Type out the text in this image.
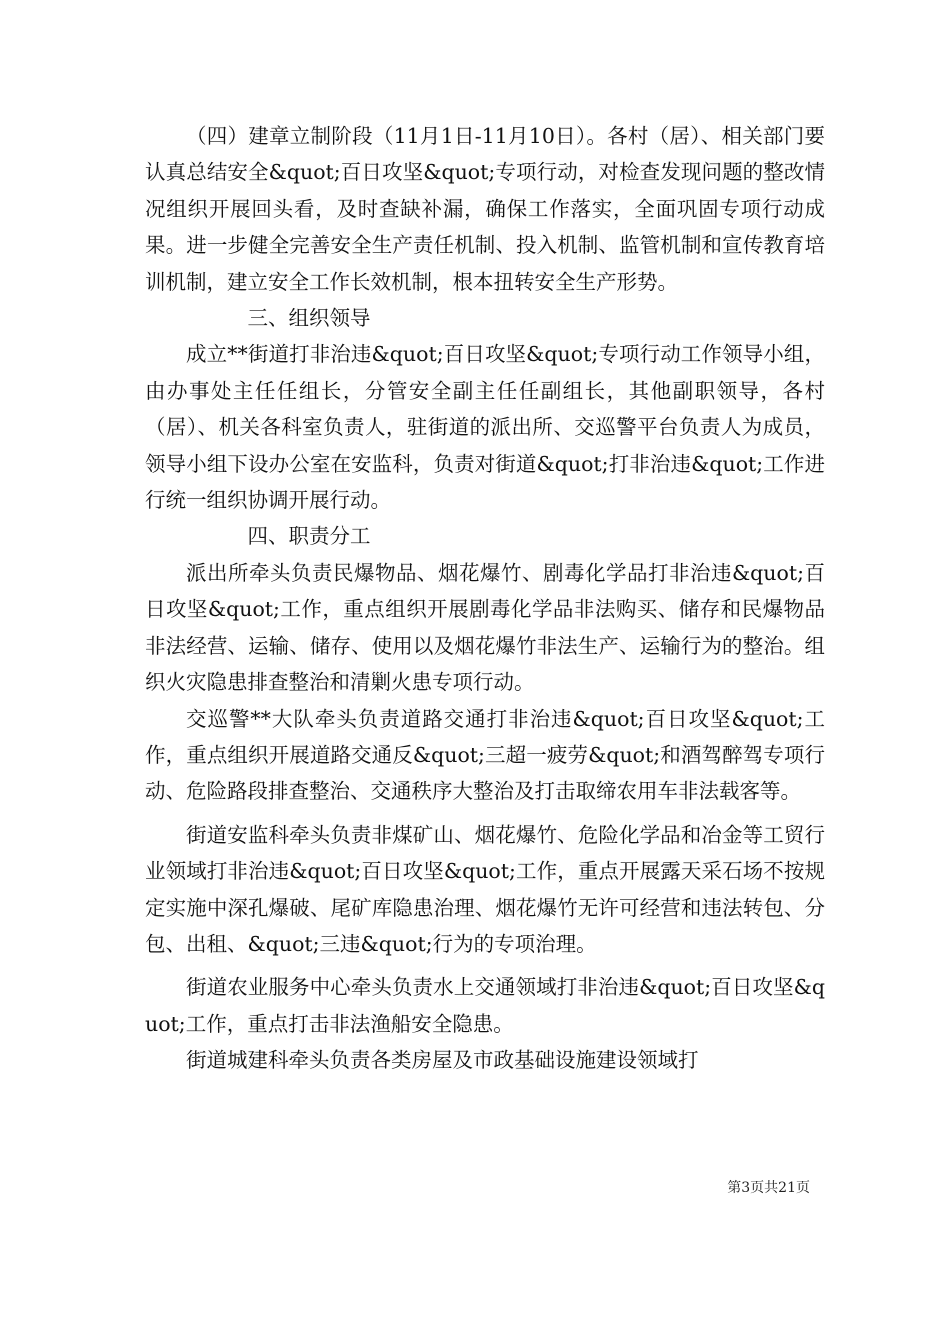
（四）建章立制阶段（11月1日-11月10日）。各村（居）、相关部门要认真总结安全&quot;百日攻坚&quot;专项行动，对检查发现问题的整改情况组织开展回头看，及时查缺补漏，确保工作落实，全面巩固专项行动成果。进一步健全完善安全生产责任机制、投入机制、监管机制和宣传教育培训机制，建立安全工作长效机制，根本扭转安全生产形势。

三、组织领导

成立**街道打非治违&quot;百日攻坚&quot;专项行动工作领导小组，由办事处主任任组长，分管安全副主任任副组长，其他副职领导，各村（居）、机关各科室负责人，驻街道的派出所、交巡警平台负责人为成员，领导小组下设办公室在安监科，负责对街道&quot;打非治违&quot;工作进行统一组织协调开展行动。

四、职责分工

派出所牵头负责民爆物品、烟花爆竹、剧毒化学品打非治违&quot;百日攻坚&quot;工作，重点组织开展剧毒化学品非法购买、储存和民爆物品非法经营、运输、储存、使用以及烟花爆竹非法生产、运输行为的整治。组织火灾隐患排查整治和清剿火患专项行动。

交巡警**大队牵头负责道路交通打非治违&quot;百日攻坚&quot;工作，重点组织开展道路交通反&quot;三超一疲劳&quot;和酒驾醉驾专项行动、危险路段排查整治、交通秩序大整治及打击取缔农用车非法载客等。

街道安监科牵头负责非煤矿山、烟花爆竹、危险化学品和冶金等工贸行业领域打非治违&quot;百日攻坚&quot;工作，重点开展露天采石场不按规定实施中深孔爆破、尾矿库隐患治理、烟花爆竹无许可经营和违法转包、分包、出租、&quot;三违&quot;行为的专项治理。

街道农业服务中心牵头负责水上交通领域打非治违&quot;百日攻坚&quot;工作，重点打击非法渔船安全隐患。

街道城建科牵头负责各类房屋及市政基础设施建设领域打

第3页共21页
